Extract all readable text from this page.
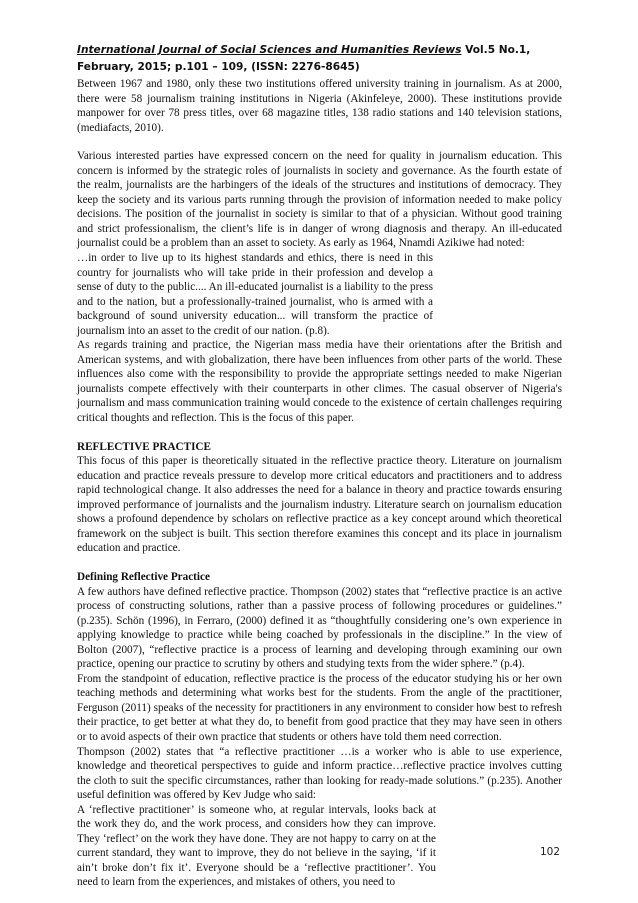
International Journal of Social Sciences and Humanities Reviews Vol.5 No.1, February, 2015; p.101 – 109, (ISSN: 2276-8645)

Between 1967 and 1980, only these two institutions offered university training in journalism. As at 2000, there were 58 journalism training institutions in Nigeria (Akinfeleye, 2000). These institutions provide manpower for over 78 press titles, over 68 magazine titles, 138 radio stations and 140 television stations, (mediafacts, 2010).

Various interested parties have expressed concern on the need for quality in journalism education. This concern is informed by the strategic roles of journalists in society and governance. As the fourth estate of the realm, journalists are the harbingers of the ideals of the structures and institutions of democracy. They keep the society and its various parts running through the provision of information needed to make policy decisions. The position of the journalist in society is similar to that of a physician. Without good training and strict professionalism, the client’s life is in danger of wrong diagnosis and therapy. An ill-educated journalist could be a problem than an asset to society. As early as 1964, Nnamdi Azikiwe had noted:

…in order to live up to its highest standards and ethics, there is need in this country for journalists who will take pride in their profession and develop a sense of duty to the public.... An ill-educated journalist is a liability to the press and to the nation, but a professionally-trained journalist, who is armed with a background of sound university education... will transform the practice of journalism into an asset to the credit of our nation. (p.8).

As regards training and practice, the Nigerian mass media have their orientations after the British and American systems, and with globalization, there have been influences from other parts of the world. These influences also come with the responsibility to provide the appropriate settings needed to make Nigerian journalists compete effectively with their counterparts in other climes. The casual observer of Nigeria's journalism and mass communication training would concede to the existence of certain challenges requiring critical thoughts and reflection. This is the focus of this paper.

REFLECTIVE PRACTICE

This focus of this paper is theoretically situated in the reflective practice theory. Literature on journalism education and practice reveals pressure to develop more critical educators and practitioners and to address rapid technological change. It also addresses the need for a balance in theory and practice towards ensuring improved performance of journalists and the journalism industry. Literature search on journalism education shows a profound dependence by scholars on reflective practice as a key concept around which theoretical framework on the subject is built. This section therefore examines this concept and its place in journalism education and practice.

Defining Reflective Practice

A few authors have defined reflective practice. Thompson (2002) states that “reflective practice is an active process of constructing solutions, rather than a passive process of following procedures or guidelines.” (p.235). Schön (1996), in Ferraro, (2000) defined it as “thoughtfully considering one’s own experience in applying knowledge to practice while being coached by professionals in the discipline.” In the view of Bolton (2007), “reflective practice is a process of learning and developing through examining our own practice, opening our practice to scrutiny by others and studying texts from the wider sphere.” (p.4).

From the standpoint of education, reflective practice is the process of the educator studying his or her own teaching methods and determining what works best for the students. From the angle of the practitioner, Ferguson (2011) speaks of the necessity for practitioners in any environment to consider how best to refresh their practice, to get better at what they do, to benefit from good practice that they may have seen in others or to avoid aspects of their own practice that students or others have told them need correction.

Thompson (2002) states that “a reflective practitioner …is a worker who is able to use experience, knowledge and theoretical perspectives to guide and inform practice…reflective practice involves cutting the cloth to suit the specific circumstances, rather than looking for ready-made solutions.” (p.235). Another useful definition was offered by Kev Judge who said:

A ‘reflective practitioner’ is someone who, at regular intervals, looks back at the work they do, and the work process, and considers how they can improve. They ‘reflect’ on the work they have done. They are not happy to carry on at the current standard, they want to improve, they do not believe in the saying, ‘if it ain’t broke don’t fix it’. Everyone should be a ‘reflective practitioner’. You need to learn from the experiences, and mistakes of others, you need to

102
